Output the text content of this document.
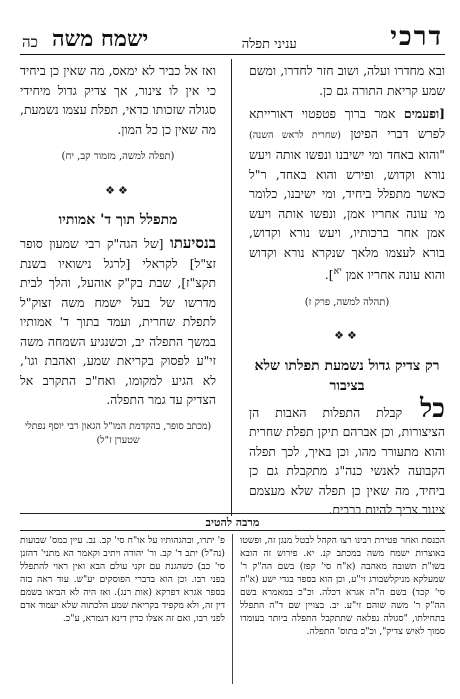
דרכי
עניני תפלה
ישמח משה
כה

ובא מחדרו ועלה, ושוב חזר לחדרו, ומשם שמע קריאת התורה גם כן.

[ופעמים אמר ברוך פטפטוי דאורייתא לפרש דברי הפיטן (שחרית לראש השנה) "והוא באחד ומי ישיבנו ונפשו אותה ויעש נורא וקדוש, ופירש והוא באחד, ר"ל כאשר מתפלל ביחיד, ומי ישיבנו, כלומר מי עונה אחריו אמן, ונפשו אותה ויעש אמן אחר ברכותיו, ויעש נורא וקדוש, בורא לעצמו מלאך שנקרא נורא וקדוש והוא עונה אחריו אמן $^{יא}$].

(תהלה למשה, פרק ז)
❖❖
רק צדיק גדול נשמעת תפלתו שלא בציבור

כל קבלת התפלות האבות הן הציצורות, וכן אברהם תיקן תפלת שחרית והוא מתעורר מהו, וכן באיך, לכך תפלה הקבועה לאנשי כנה"ג מתקבלת גם כן ביחיד, מה שאין כן תפלה שלא מעצמם צינור צריך להיות ברבים.

ואז אל כביר לא ימאס, מה שאין כן ביחיד כי אין לו צינור, אך צדיק גדול מיחידי סגולה שזכותו כדאי, תפלת עצמו נשמעת, מה שאין כן כל המון.

(תפלה למשה, מזמור קב, יח)
❖❖
מתפלל תוך ד' אמותיו

בנסיעתו [של הגה"ק רבי שמעון סופר זצ"ל] לקראלי [לרגל נישואיו בשנת תקצ"ז], שבת בק"ק אוהעל, והלך לבית מדרשו של בעל ישמח משה זצוק"ל לתפלת שחרית, ועמד בתוך ד' אמותיו במשך התפלה יב, וכשנגיע השמחה משה זי"ע לפסוק בקריאת שמע, ואהבת וגו', לא הגיע למקומו, ואח"כ התקרב אל הצדיק עד גמר התפלה.

(מכתב סופר, בהקדמת המו"ל הגאון רבי יוסף נפתלי שטערן ז"ל)
מרבה להטיב
הכנסת ואחר פטירת רבינו רצו הקהל לבטל מנגן זה, ופשטו באוצרות ישמח משה במכתב קנ. יא. פירוש זה הובא בשו"ת תשובה מאהבה (א"ח סי' קפז) בשם הה"ק ר' שמעלקא מניקלשבורג זי"ע, וכן הוא בספר בגדי ישע (א"ח סי' קכד) בשם ה"ה אגרא דכלה. וכ"כ במאמרא בשם הה"ק ר' משה שוהם זי"ע. יב. בצויין שם ד"ה התפלל בתחילתו, "סגולה נפלאה שתתקבל התפלה ביותר בעומדו סמוך לאיש צדיק", וכ"כ בתוס' התפלה.
פ' יתרו, ובהגהותיו על או"ח סי' קב. נב. עיין במס' שבועות (נה"ל) יתב ד' קב. ור' יהודה ויתיב וקאמר הא מתני' דהזנן סי' כב) כשהגנת עם זקני עולם הבא ואין ראוי להתפלל בפני רבו. וכן הוא בדברי הפוסקים יע"ש. עוד ראה בזה בספר אגרא דפרקא (אות רנג). ואז היה לא הביאו בשמם דין זה, ולא מקפיד בקריאת שמע הלכתוה שלא יעמוד אדם לפני רבו, ואם זה אצלו כדין דינא דגמרא, ע"כ.
